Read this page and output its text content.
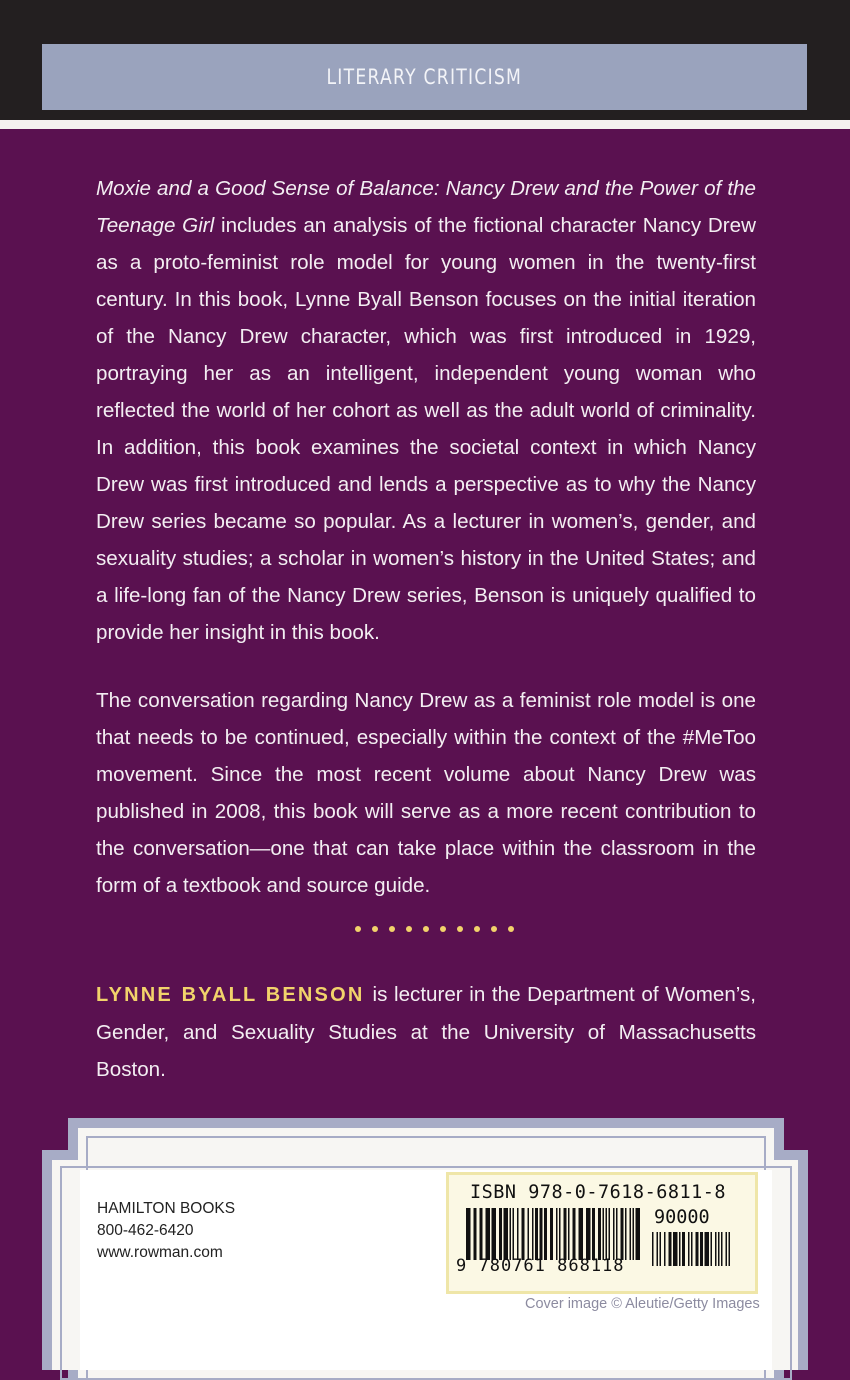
LITERARY CRITICISM
Moxie and a Good Sense of Balance: Nancy Drew and the Power of the Teenage Girl includes an analysis of the fictional character Nancy Drew as a proto-feminist role model for young women in the twenty-first century. In this book, Lynne Byall Benson focuses on the initial iteration of the Nancy Drew character, which was first introduced in 1929, portraying her as an intelligent, independent young woman who reflected the world of her cohort as well as the adult world of criminality. In addition, this book examines the societal context in which Nancy Drew was first introduced and lends a perspective as to why the Nancy Drew series became so popular. As a lecturer in women’s, gender, and sexuality studies; a scholar in women’s history in the United States; and a life-long fan of the Nancy Drew series, Benson is uniquely qualified to provide her insight in this book.
The conversation regarding Nancy Drew as a feminist role model is one that needs to be continued, especially within the context of the #MeToo movement. Since the most recent volume about Nancy Drew was published in 2008, this book will serve as a more recent contribution to the conversation—one that can take place within the classroom in the form of a textbook and source guide.
LYNNE BYALL BENSON is lecturer in the Department of Women’s, Gender, and Sexuality Studies at the University of Massachusetts Boston.
HAMILTON BOOKS
800-462-6420
www.rowman.com
ISBN 978-0-7618-6811-8
90000
9 780761 868118
Cover image © Aleutie/Getty Images
